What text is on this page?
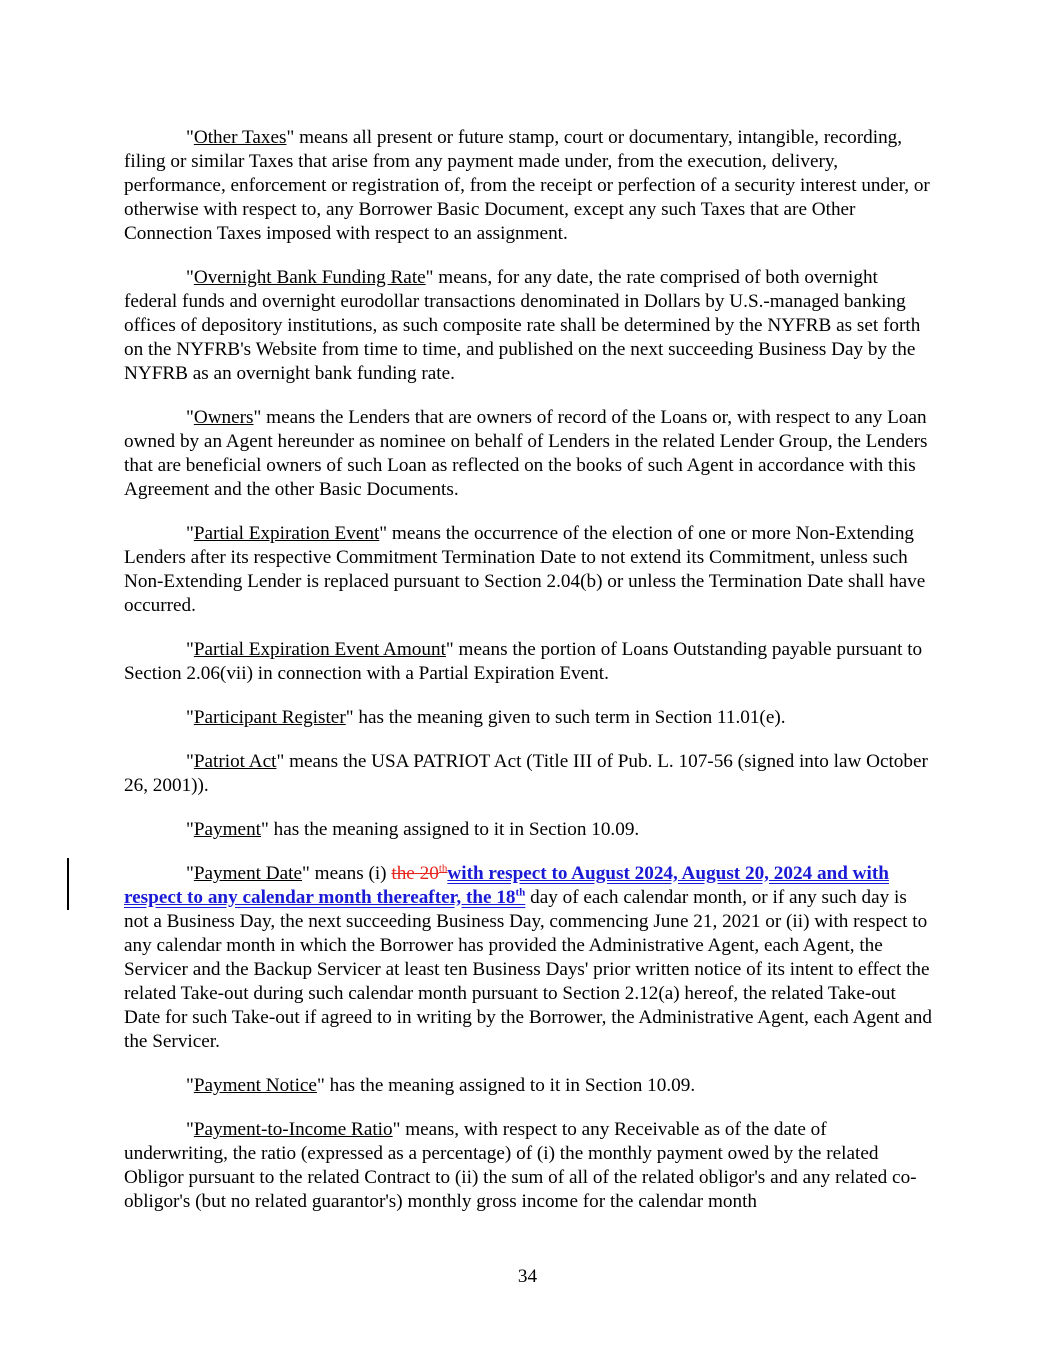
"Other Taxes" means all present or future stamp, court or documentary, intangible, recording, filing or similar Taxes that arise from any payment made under, from the execution, delivery, performance, enforcement or registration of, from the receipt or perfection of a security interest under, or otherwise with respect to, any Borrower Basic Document, except any such Taxes that are Other Connection Taxes imposed with respect to an assignment.

"Overnight Bank Funding Rate" means, for any date, the rate comprised of both overnight federal funds and overnight eurodollar transactions denominated in Dollars by U.S.-managed banking offices of depository institutions, as such composite rate shall be determined by the NYFRB as set forth on the NYFRB's Website from time to time, and published on the next succeeding Business Day by the NYFRB as an overnight bank funding rate.

"Owners" means the Lenders that are owners of record of the Loans or, with respect to any Loan owned by an Agent hereunder as nominee on behalf of Lenders in the related Lender Group, the Lenders that are beneficial owners of such Loan as reflected on the books of such Agent in accordance with this Agreement and the other Basic Documents.

"Partial Expiration Event" means the occurrence of the election of one or more Non-Extending Lenders after its respective Commitment Termination Date to not extend its Commitment, unless such Non-Extending Lender is replaced pursuant to Section 2.04(b) or unless the Termination Date shall have occurred.

"Partial Expiration Event Amount" means the portion of Loans Outstanding payable pursuant to Section 2.06(vii) in connection with a Partial Expiration Event.

"Participant Register" has the meaning given to such term in Section 11.01(e).

"Patriot Act" means the USA PATRIOT Act (Title III of Pub. L. 107-56 (signed into law October 26, 2001)).

"Payment" has the meaning assigned to it in Section 10.09.

"Payment Date" means (i) the 20thwith respect to August 2024, August 20, 2024 and with respect to any calendar month thereafter, the 18th day of each calendar month, or if any such day is not a Business Day, the next succeeding Business Day, commencing June 21, 2021 or (ii) with respect to any calendar month in which the Borrower has provided the Administrative Agent, each Agent, the Servicer and the Backup Servicer at least ten Business Days' prior written notice of its intent to effect the related Take-out during such calendar month pursuant to Section 2.12(a) hereof, the related Take-out Date for such Take-out if agreed to in writing by the Borrower, the Administrative Agent, each Agent and the Servicer.

"Payment Notice" has the meaning assigned to it in Section 10.09.

"Payment-to-Income Ratio" means, with respect to any Receivable as of the date of underwriting, the ratio (expressed as a percentage) of (i) the monthly payment owed by the related Obligor pursuant to the related Contract to (ii) the sum of all of the related obligor's and any related co-obligor's (but no related guarantor's) monthly gross income for the calendar month

34
